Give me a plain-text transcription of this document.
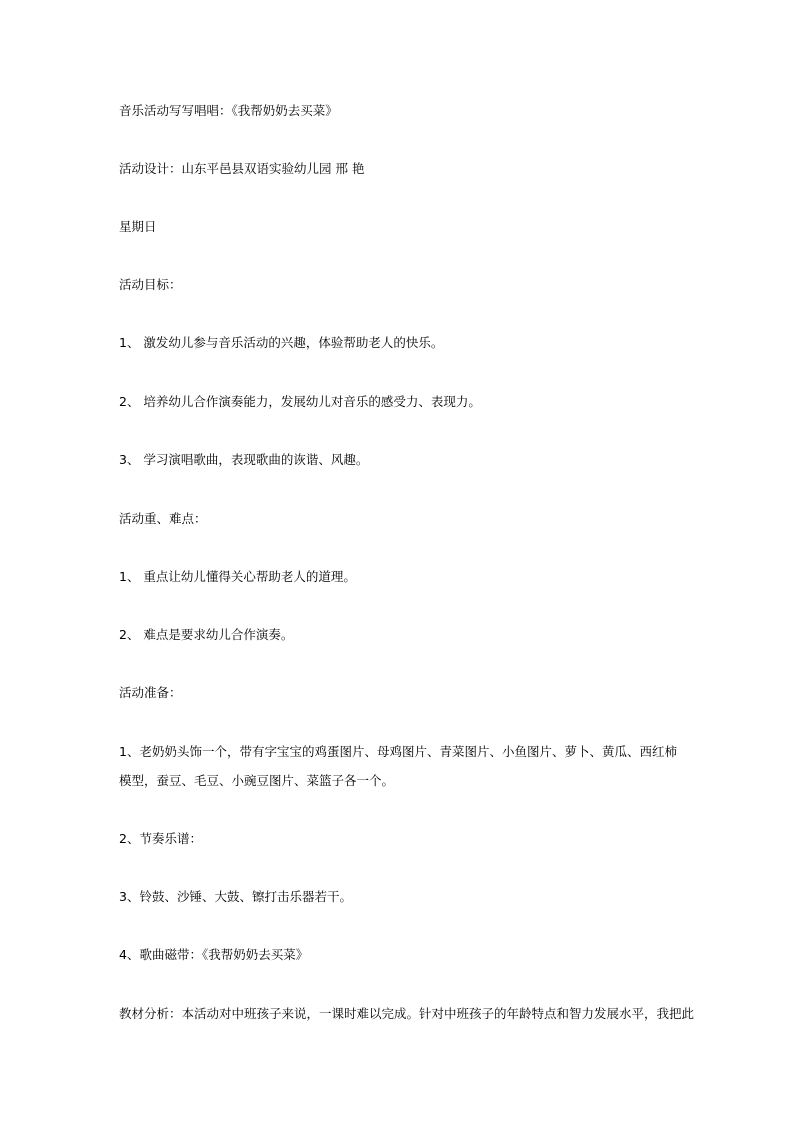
音乐活动写写唱唱：《我帮奶奶去买菜》
活动设计：山东平邑县双语实验幼儿园 邢 艳
星期日
活动目标：
1、 激发幼儿参与音乐活动的兴趣，体验帮助老人的快乐。
2、 培养幼儿合作演奏能力，发展幼儿对音乐的感受力、表现力。
3、 学习演唱歌曲，表现歌曲的诙谐、风趣。
活动重、难点：
1、 重点让幼儿懂得关心帮助老人的道理。
2、 难点是要求幼儿合作演奏。
活动准备：
1、老奶奶头饰一个，带有字宝宝的鸡蛋图片、母鸡图片、青菜图片、小鱼图片、萝卜、黄瓜、西红柿模型，蚕豆、毛豆、小豌豆图片、菜篮子各一个。
2、节奏乐谱：
3、铃鼓、沙锤、大鼓、镲打击乐器若干。
4、歌曲磁带：《我帮奶奶去买菜》
教材分析：本活动对中班孩子来说，一课时难以完成。针对中班孩子的年龄特点和智力发展水平，我把此
